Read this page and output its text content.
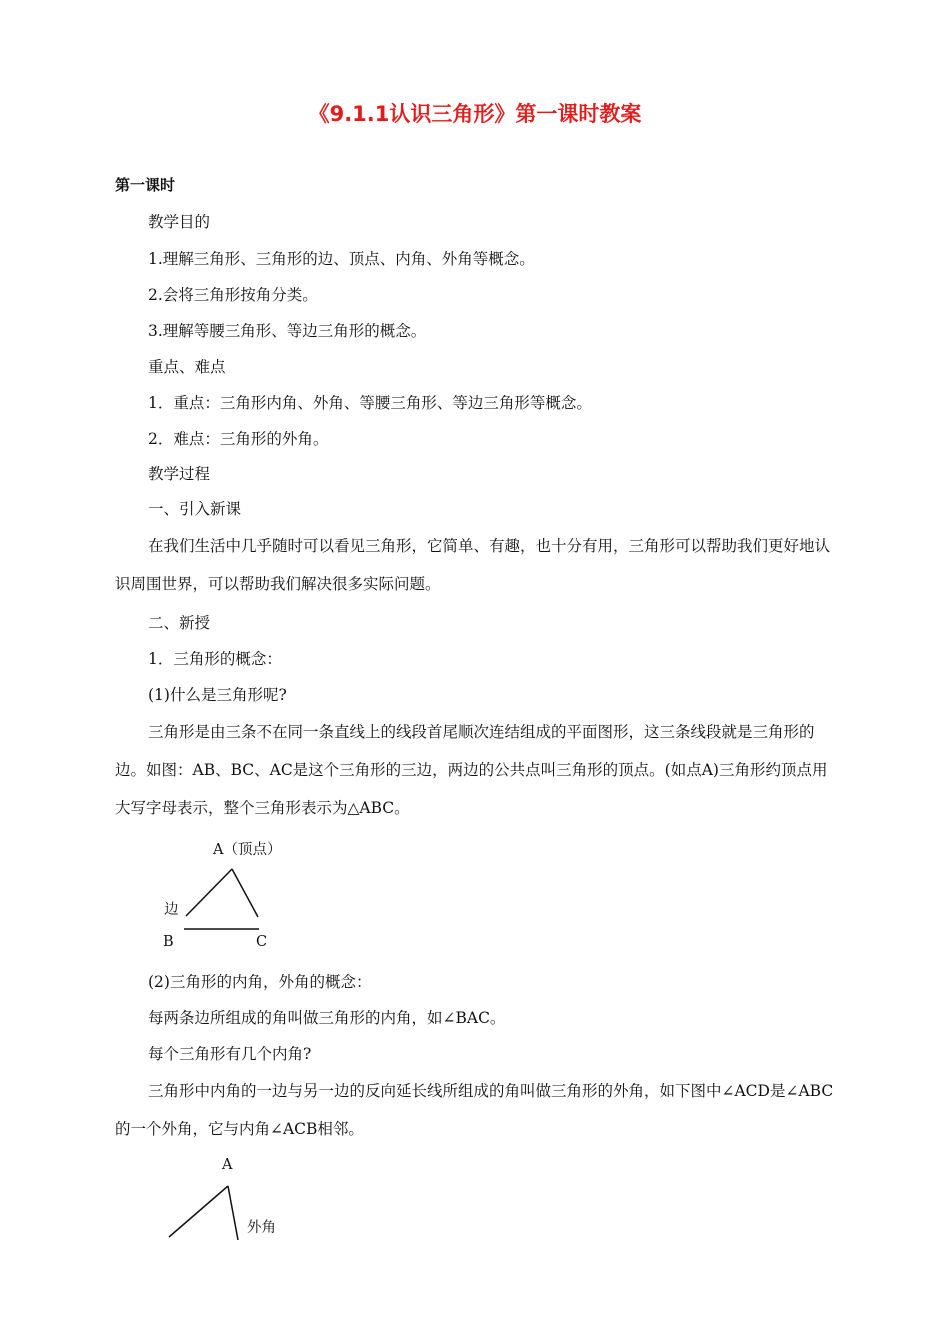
《9.1.1认识三角形》第一课时教案
第一课时
教学目的
1.理解三角形、三角形的边、顶点、内角、外角等概念。
2.会将三角形按角分类。
3.理解等腰三角形、等边三角形的概念。
重点、难点
1．重点：三角形内角、外角、等腰三角形、等边三角形等概念。
2．难点：三角形的外角。
教学过程
一、引入新课
在我们生活中几乎随时可以看见三角形，它简单、有趣，也十分有用，三角形可以帮助我们更好地认识周围世界，可以帮助我们解决很多实际问题。
二、新授
1．三角形的概念：
(1)什么是三角形呢?
三角形是由三条不在同一条直线上的线段首尾顺次连结组成的平面图形，这三条线段就是三角形的边。如图：AB、BC、AC是这个三角形的三边，两边的公共点叫三角形的顶点。(如点A)三角形约顶点用大写字母表示，整个三角形表示为△ABC。
A（顶点）
边
B	C
(2)三角形的内角，外角的概念：
每两条边所组成的角叫做三角形的内角，如∠BAC。
每个三角形有几个内角?
三角形中内角的一边与另一边的反向延长线所组成的角叫做三角形的外角，如下图中∠ACD是∠ABC的一个外角，它与内角∠ACB相邻。
A
外角
